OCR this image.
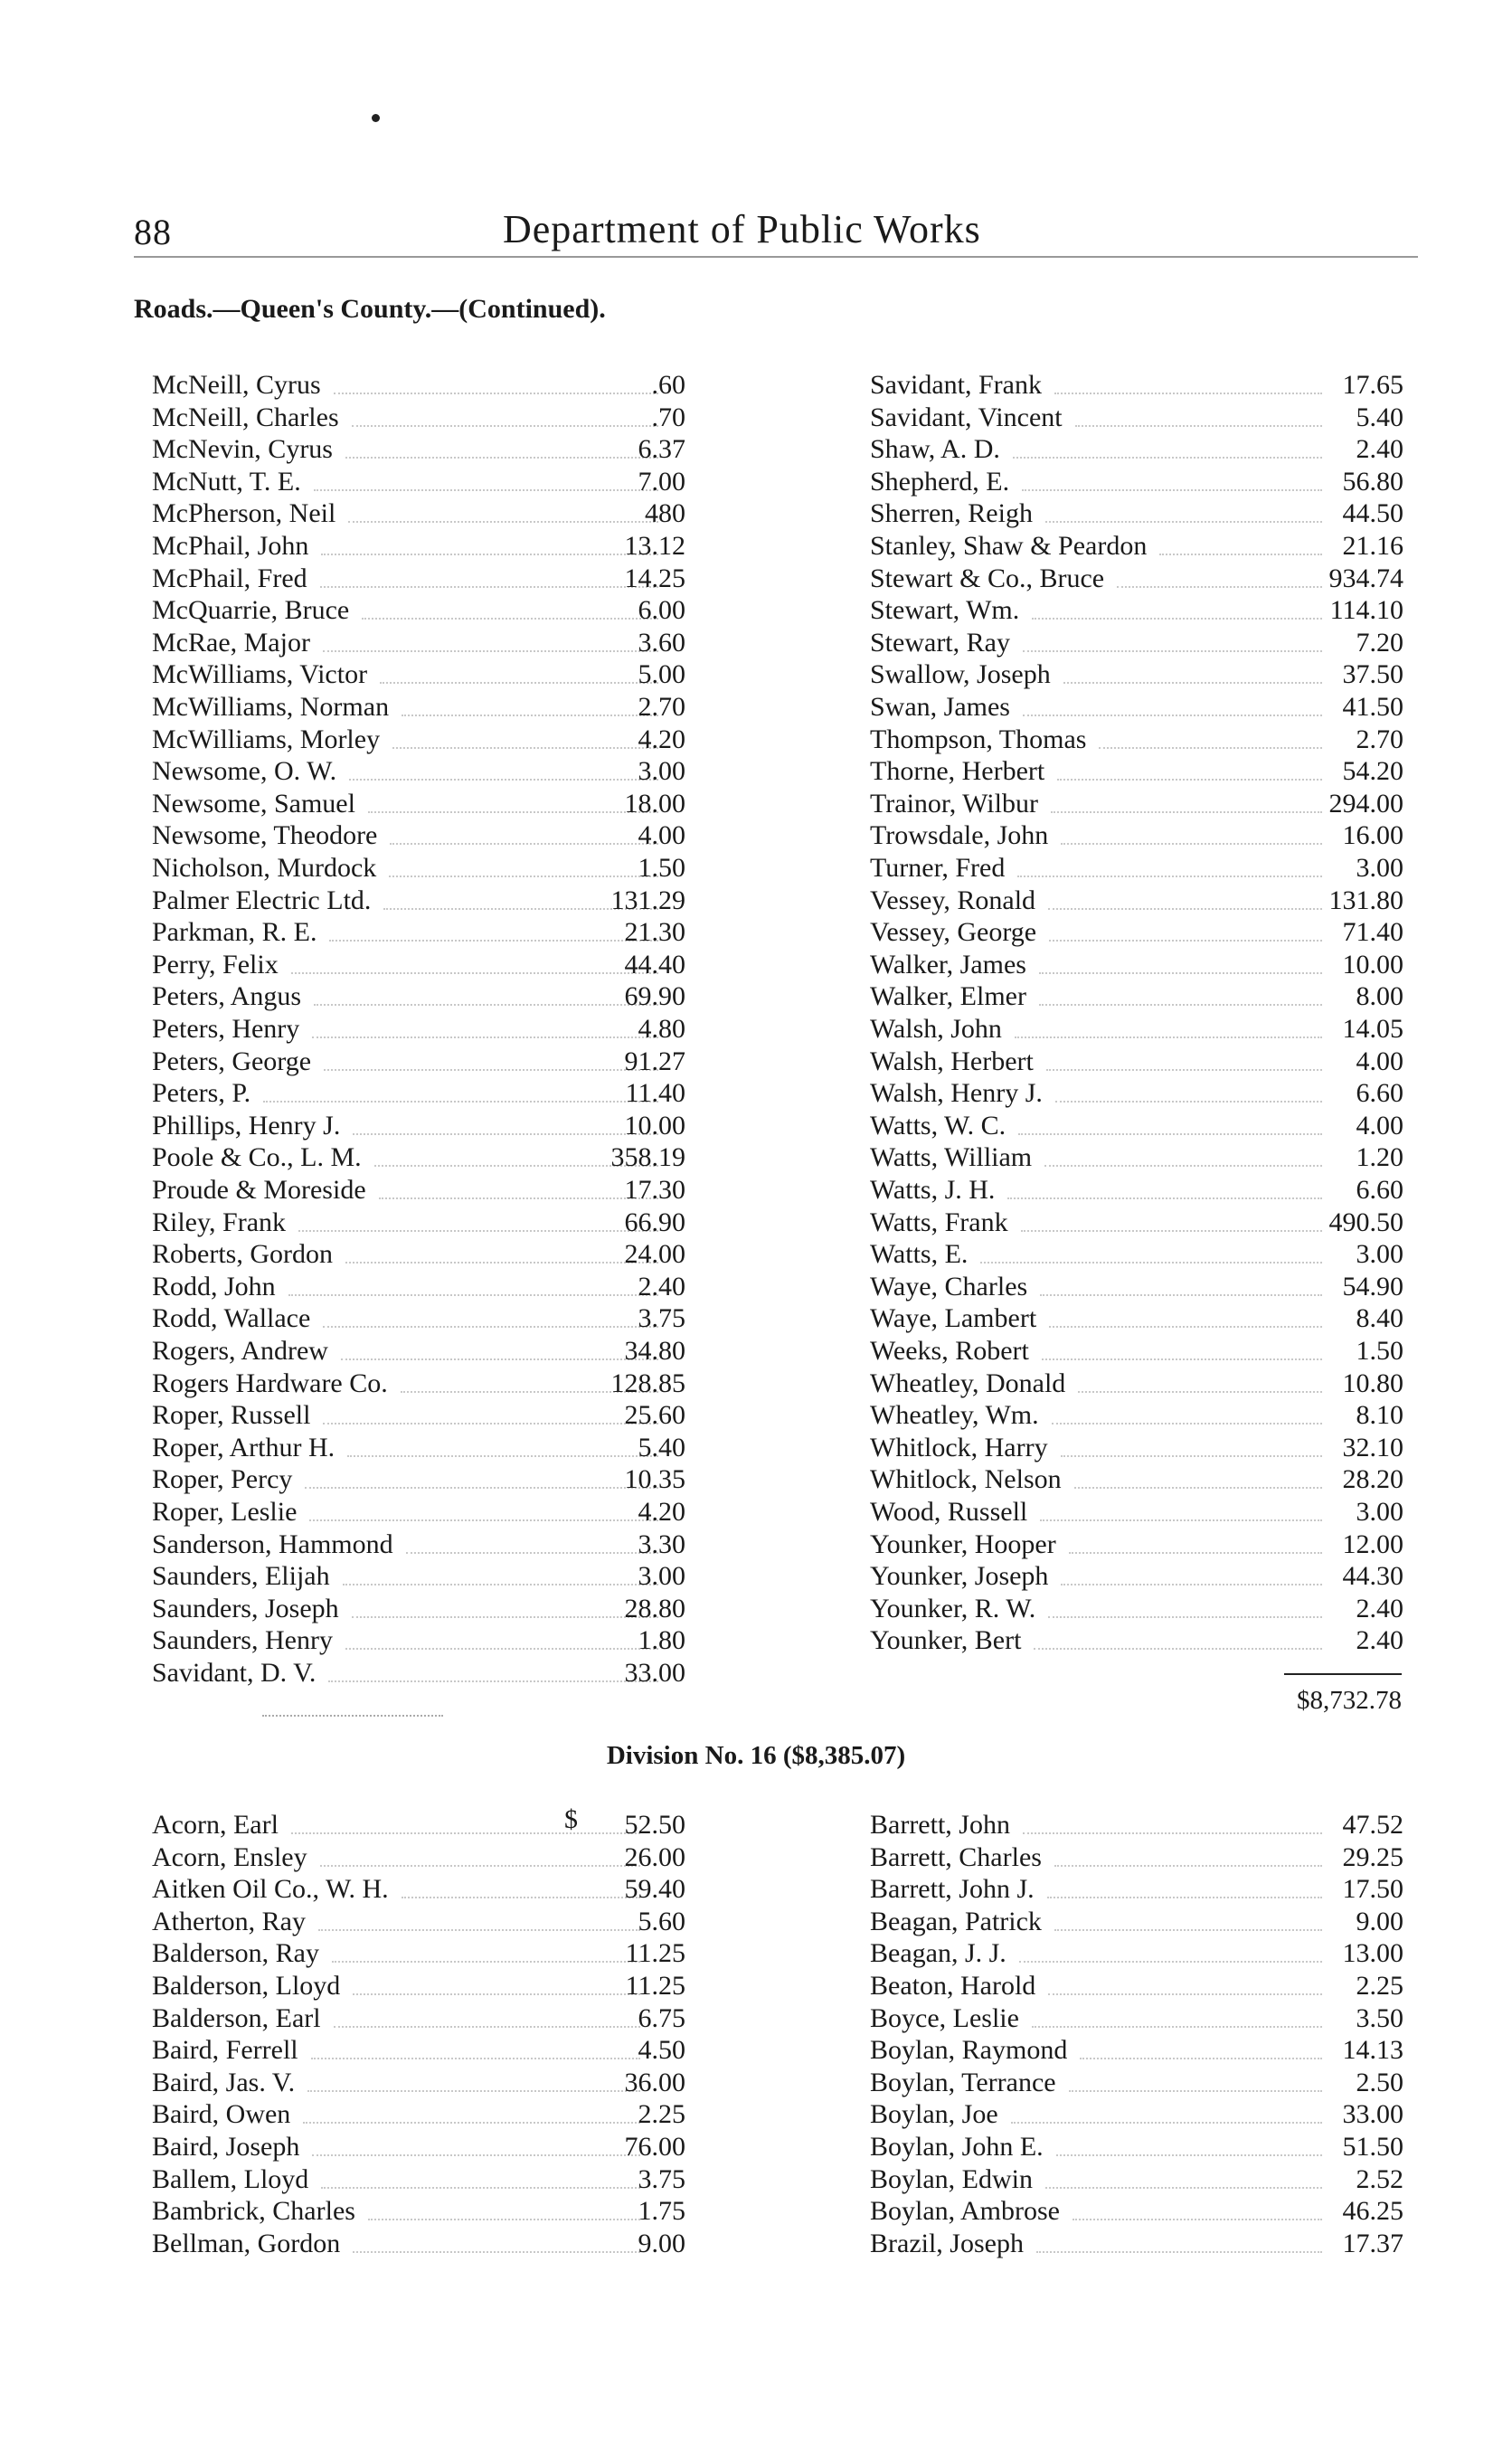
88	Department of Public Works
Roads.—Queen's County.—(Continued).
McNeill, Cyrus	.60
McNeill, Charles	.70
McNevin, Cyrus	6.37
McNutt, T. E.	7.00
McPherson, Neil	480
McPhail, John	13.12
McPhail, Fred	14.25
McQuarrie, Bruce	6.00
McRae, Major	3.60
McWilliams, Victor	5.00
McWilliams, Norman	2.70
McWilliams, Morley	4.20
Newsome, O. W.	3.00
Newsome, Samuel	18.00
Newsome, Theodore	4.00
Nicholson, Murdock	1.50
Palmer Electric Ltd.	131.29
Parkman, R. E.	21.30
Perry, Felix	44.40
Peters, Angus	69.90
Peters, Henry	4.80
Peters, George	91.27
Peters, P.	11.40
Phillips, Henry J.	10.00
Poole & Co., L. M.	358.19
Proude & Moreside	17.30
Riley, Frank	66.90
Roberts, Gordon	24.00
Rodd, John	2.40
Rodd, Wallace	3.75
Rogers, Andrew	34.80
Rogers Hardware Co.	128.85
Roper, Russell	25.60
Roper, Arthur H.	5.40
Roper, Percy	10.35
Roper, Leslie	4.20
Sanderson, Hammond	3.30
Saunders, Elijah	3.00
Saunders, Joseph	28.80
Saunders, Henry	1.80
Savidant, D. V.	33.00
Savidant, Frank	17.65
Savidant, Vincent	5.40
Shaw, A. D.	2.40
Shepherd, E.	56.80
Sherren, Reigh	44.50
Stanley, Shaw & Peardon	21.16
Stewart & Co., Bruce	934.74
Stewart, Wm.	114.10
Stewart, Ray	7.20
Swallow, Joseph	37.50
Swan, James	41.50
Thompson, Thomas	2.70
Thorne, Herbert	54.20
Trainor, Wilbur	294.00
Trowsdale, John	16.00
Turner, Fred	3.00
Vessey, Ronald	131.80
Vessey, George	71.40
Walker, James	10.00
Walker, Elmer	8.00
Walsh, John	14.05
Walsh, Herbert	4.00
Walsh, Henry J.	6.60
Watts, W. C.	4.00
Watts, William	1.20
Watts, J. H.	6.60
Watts, Frank	490.50
Watts, E.	3.00
Waye, Charles	54.90
Waye, Lambert	8.40
Weeks, Robert	1.50
Wheatley, Donald	10.80
Wheatley, Wm.	8.10
Whitlock, Harry	32.10
Whitlock, Nelson	28.20
Wood, Russell	3.00
Younker, Hooper	12.00
Younker, Joseph	44.30
Younker, R. W.	2.40
Younker, Bert	2.40
$8,732.78
Division No. 16 ($8,385.07)
$
Acorn, Earl	52.50
Acorn, Ensley	26.00
Aitken Oil Co., W. H.	59.40
Atherton, Ray	5.60
Balderson, Ray	11.25
Balderson, Lloyd	11.25
Balderson, Earl	6.75
Baird, Ferrell	4.50
Baird, Jas. V.	36.00
Baird, Owen	2.25
Baird, Joseph	76.00
Ballem, Lloyd	3.75
Bambrick, Charles	1.75
Bellman, Gordon	9.00
Barrett, John	47.52
Barrett, Charles	29.25
Barrett, John J.	17.50
Beagan, Patrick	9.00
Beagan, J. J.	13.00
Beaton, Harold	2.25
Boyce, Leslie	3.50
Boylan, Raymond	14.13
Boylan, Terrance	2.50
Boylan, Joe	33.00
Boylan, John E.	51.50
Boylan, Edwin	2.52
Boylan, Ambrose	46.25
Brazil, Joseph	17.37
